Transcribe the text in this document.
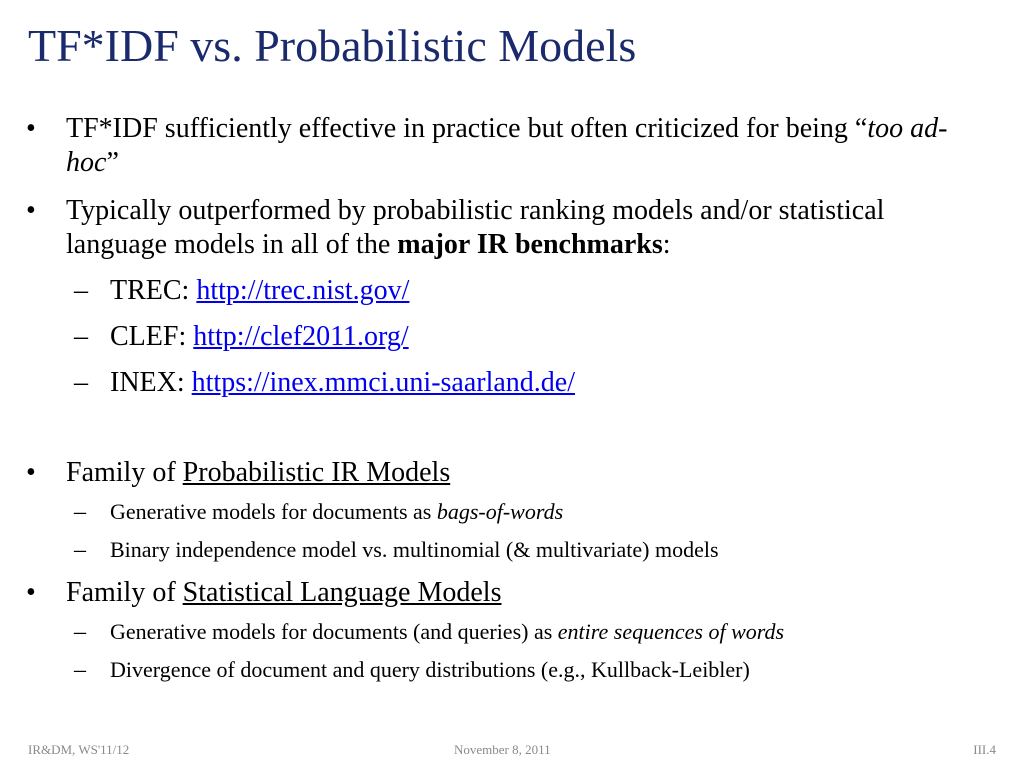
TF*IDF vs. Probabilistic Models
• TF*IDF sufficiently effective in practice but often criticized for being “too ad-hoc”
• Typically outperformed by probabilistic ranking models and/or statistical language models in all of the major IR benchmarks:
– TREC: http://trec.nist.gov/
– CLEF: http://clef2011.org/
– INEX: https://inex.mmci.uni-saarland.de/
• Family of Probabilistic IR Models
– Generative models for documents as bags-of-words
– Binary independence model vs. multinomial (& multivariate) models
• Family of Statistical Language Models
– Generative models for documents (and queries) as entire sequences of words
– Divergence of document and query distributions (e.g., Kullback-Leibler)
IR&DM, WS'11/12	November 8, 2011	III.4
